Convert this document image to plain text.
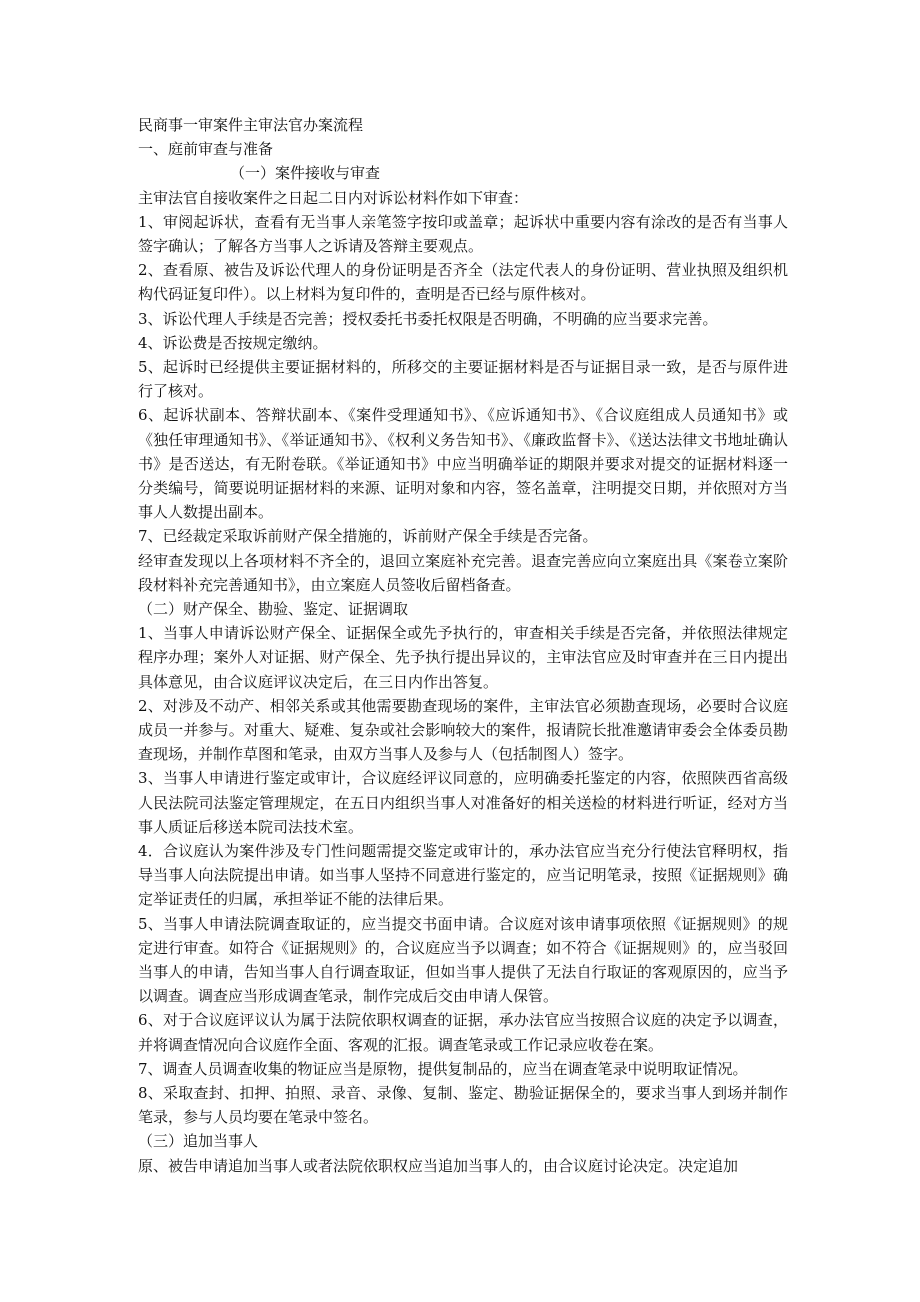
民商事一审案件主审法官办案流程
一、庭前审查与准备
（一）案件接收与审查
主审法官自接收案件之日起二日内对诉讼材料作如下审查：
1、审阅起诉状，查看有无当事人亲笔签字按印或盖章；起诉状中重要内容有涂改的是否有当事人签字确认；了解各方当事人之诉请及答辩主要观点。
2、查看原、被告及诉讼代理人的身份证明是否齐全（法定代表人的身份证明、营业执照及组织机构代码证复印件）。以上材料为复印件的，查明是否已经与原件核对。
3、诉讼代理人手续是否完善；授权委托书委托权限是否明确，不明确的应当要求完善。
4、诉讼费是否按规定缴纳。
5、起诉时已经提供主要证据材料的，所移交的主要证据材料是否与证据目录一致，是否与原件进行了核对。
6、起诉状副本、答辩状副本、《案件受理通知书》、《应诉通知书》、《合议庭组成人员通知书》或《独任审理通知书》、《举证通知书》、《权利义务告知书》、《廉政监督卡》、《送达法律文书地址确认书》是否送达，有无附卷联。《举证通知书》中应当明确举证的期限并要求对提交的证据材料逐一分类编号，简要说明证据材料的来源、证明对象和内容，签名盖章，注明提交日期，并依照对方当事人人数提出副本。
7、已经裁定采取诉前财产保全措施的，诉前财产保全手续是否完备。
经审查发现以上各项材料不齐全的，退回立案庭补充完善。退查完善应向立案庭出具《案卷立案阶段材料补充完善通知书》，由立案庭人员签收后留档备查。
（二）财产保全、勘验、鉴定、证据调取
1、当事人申请诉讼财产保全、证据保全或先予执行的，审查相关手续是否完备，并依照法律规定程序办理；案外人对证据、财产保全、先予执行提出异议的，主审法官应及时审查并在三日内提出具体意见，由合议庭评议决定后，在三日内作出答复。
2、对涉及不动产、相邻关系或其他需要勘查现场的案件，主审法官必须勘查现场，必要时合议庭成员一并参与。对重大、疑难、复杂或社会影响较大的案件，报请院长批准邀请审委会全体委员勘查现场，并制作草图和笔录，由双方当事人及参与人（包括制图人）签字。
3、当事人申请进行鉴定或审计，合议庭经评议同意的，应明确委托鉴定的内容，依照陕西省高级人民法院司法鉴定管理规定，在五日内组织当事人对准备好的相关送检的材料进行听证，经对方当事人质证后移送本院司法技术室。
4．合议庭认为案件涉及专门性问题需提交鉴定或审计的，承办法官应当充分行使法官释明权，指导当事人向法院提出申请。如当事人坚持不同意进行鉴定的，应当记明笔录，按照《证据规则》确定举证责任的归属，承担举证不能的法律后果。
5、当事人申请法院调查取证的，应当提交书面申请。合议庭对该申请事项依照《证据规则》的规定进行审查。如符合《证据规则》的，合议庭应当予以调查；如不符合《证据规则》的，应当驳回当事人的申请，告知当事人自行调查取证，但如当事人提供了无法自行取证的客观原因的，应当予以调查。调查应当形成调查笔录，制作完成后交由申请人保管。
6、对于合议庭评议认为属于法院依职权调查的证据，承办法官应当按照合议庭的决定予以调查，并将调查情况向合议庭作全面、客观的汇报。调查笔录或工作记录应收卷在案。
7、调查人员调查收集的物证应当是原物，提供复制品的，应当在调查笔录中说明取证情况。
8、采取查封、扣押、拍照、录音、录像、复制、鉴定、勘验证据保全的，要求当事人到场并制作笔录，参与人员均要在笔录中签名。
（三）追加当事人
原、被告申请追加当事人或者法院依职权应当追加当事人的，由合议庭讨论决定。决定追加
